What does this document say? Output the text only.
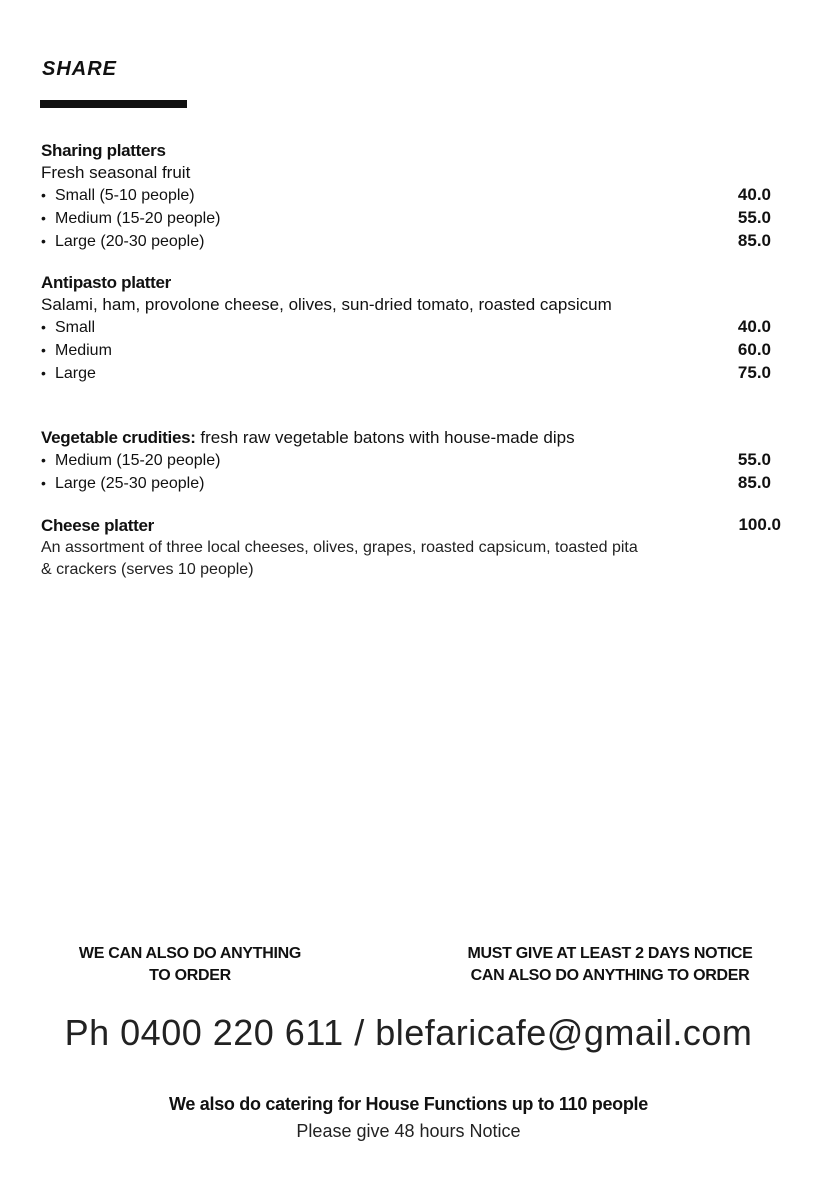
SHARE
Sharing platters
Fresh seasonal fruit
• Small (5-10 people)	40.0
• Medium (15-20 people)	55.0
• Large (20-30 people)	85.0
Antipasto platter
Salami, ham, provolone cheese, olives, sun-dried tomato, roasted capsicum
• Small	40.0
• Medium	60.0
• Large	75.0
Vegetable crudities: fresh raw vegetable batons with house-made dips
• Medium (15-20 people)	55.0
• Large (25-30 people)	85.0
Cheese platter	100.0
An assortment of three local cheeses, olives, grapes, roasted capsicum, toasted pita & crackers (serves 10 people)
WE CAN ALSO DO ANYTHING
TO ORDER
MUST GIVE AT LEAST 2 DAYS NOTICE
CAN ALSO DO ANYTHING TO ORDER
Ph 0400 220 611 / blefaricafe@gmail.com
We also do catering for House Functions up to 110 people
Please give 48 hours Notice
